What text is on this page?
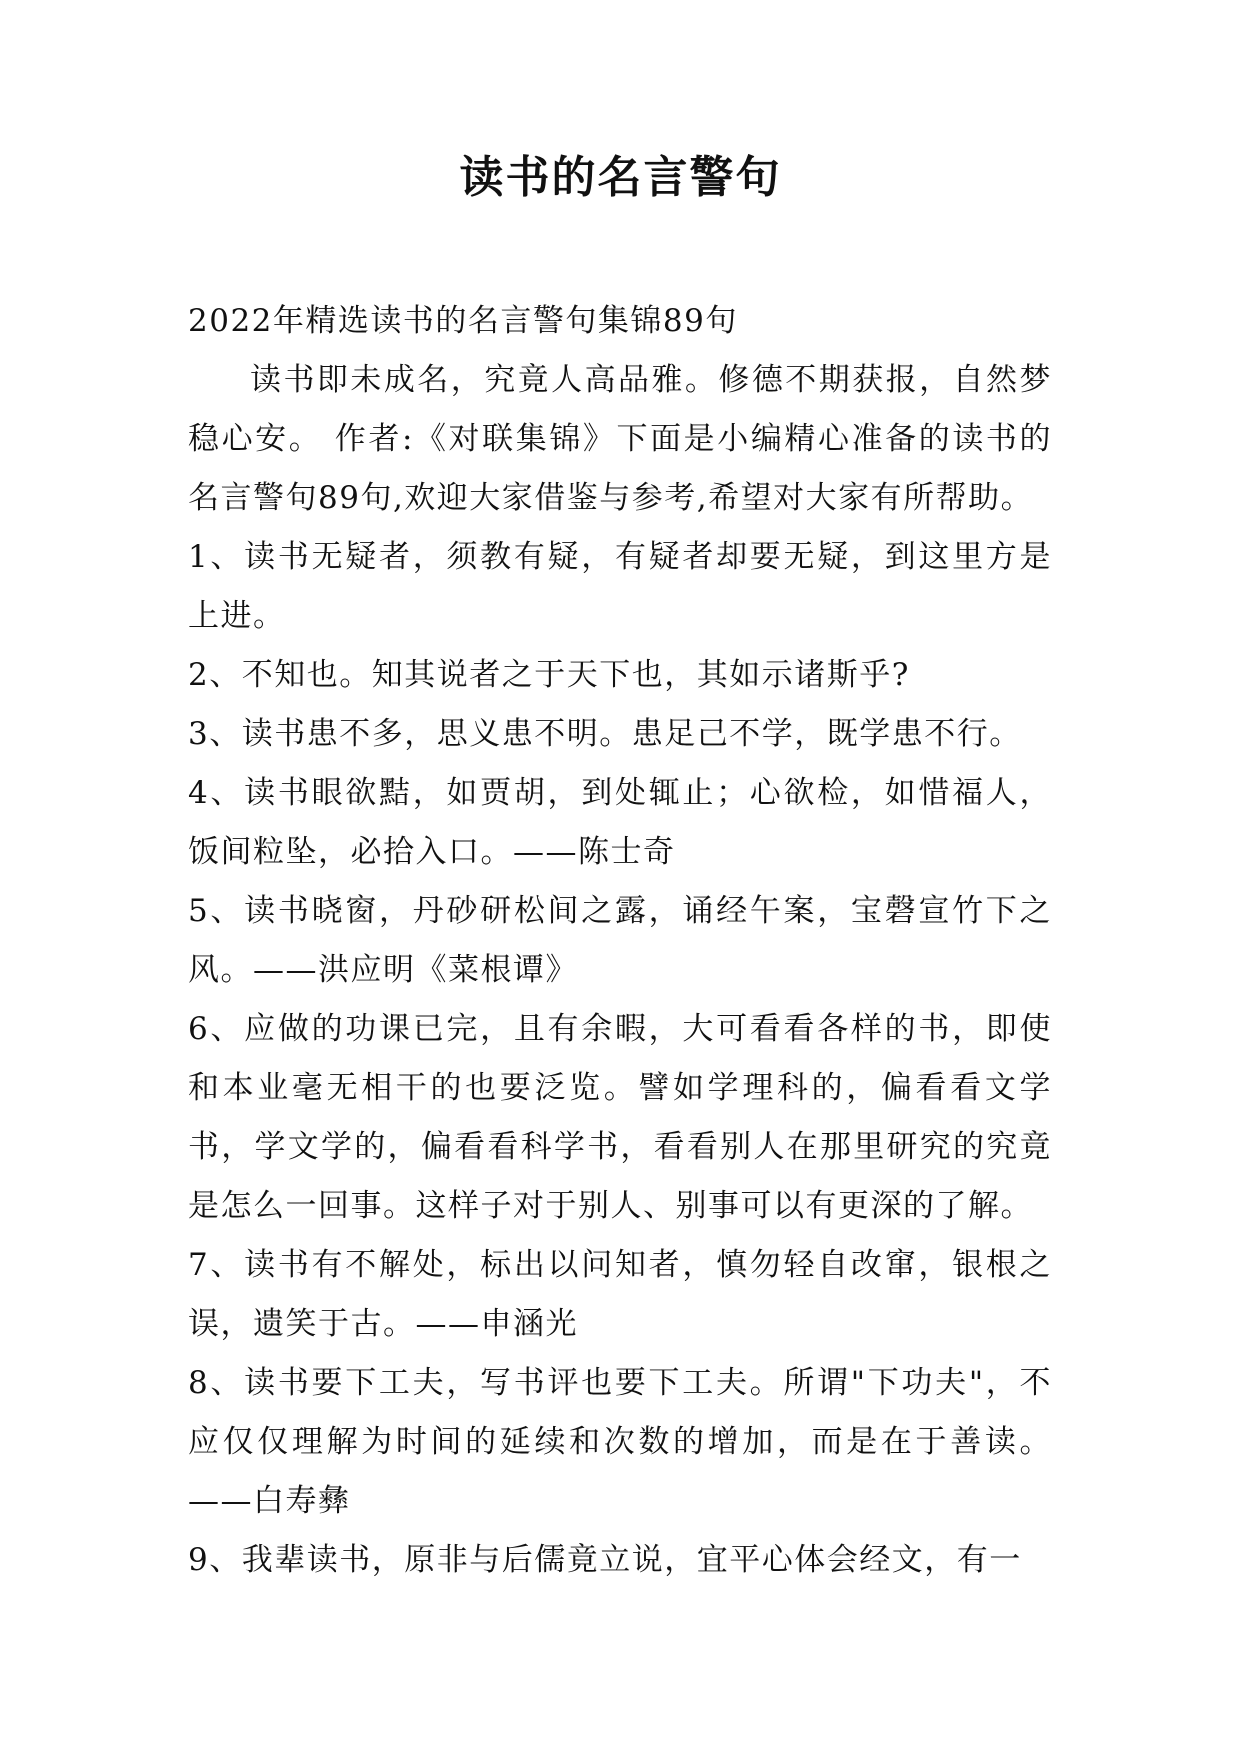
读书的名言警句

2022年精选读书的名言警句集锦89句

读书即未成名，究竟人高品雅。修德不期获报，自然梦稳心安。 作者:《对联集锦》下面是小编精心准备的读书的名言警句89句,欢迎大家借鉴与参考,希望对大家有所帮助。

1、读书无疑者，须教有疑，有疑者却要无疑，到这里方是上进。

2、不知也。知其说者之于天下也，其如示诸斯乎?

3、读书患不多，思义患不明。患足己不学，既学患不行。

4、读书眼欲黠，如贾胡，到处辄止；心欲检，如惜福人，饭间粒坠，必拾入口。——陈士奇

5、读书晓窗，丹砂研松间之露，诵经午案，宝磬宣竹下之风。——洪应明《菜根谭》

6、应做的功课已完，且有余暇，大可看看各样的书，即使和本业毫无相干的也要泛览。譬如学理科的，偏看看文学书，学文学的，偏看看科学书，看看别人在那里研究的究竟是怎么一回事。这样子对于别人、别事可以有更深的了解。

7、读书有不解处，标出以问知者，慎勿轻自改窜，银根之误，遗笑于古。——申涵光

8、读书要下工夫，写书评也要下工夫。所谓"下功夫"，不应仅仅理解为时间的延续和次数的增加，而是在于善读。——白寿彝

9、我辈读书，原非与后儒竟立说，宜平心体会经文，有一
